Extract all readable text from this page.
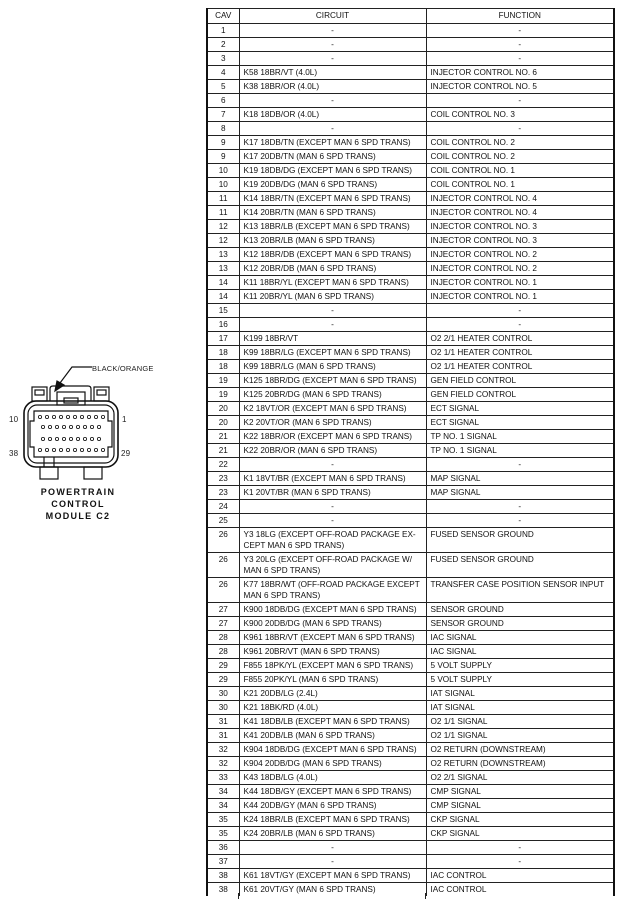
BLACK/ORANGE
10	1
38	29
POWERTRAIN
CONTROL
MODULE C2
CAV	CIRCUIT	FUNCTION
1	-	-
2	-	-
3	-	-
4	K58 18BR/VT (4.0L)	INJECTOR CONTROL NO. 6
5	K38 18BR/OR (4.0L)	INJECTOR CONTROL NO. 5
6	-	-
7	K18 18DB/OR (4.0L)	COIL CONTROL NO. 3
8	-	-
9	K17 18DB/TN (EXCEPT MAN 6 SPD TRANS)	COIL CONTROL NO. 2
9	K17 20DB/TN (MAN 6 SPD TRANS)	COIL CONTROL NO. 2
10	K19 18DB/DG (EXCEPT MAN 6 SPD TRANS)	COIL CONTROL NO. 1
10	K19 20DB/DG (MAN 6 SPD TRANS)	COIL CONTROL NO. 1
11	K14 18BR/TN (EXCEPT MAN 6 SPD TRANS)	INJECTOR CONTROL NO. 4
11	K14 20BR/TN (MAN 6 SPD TRANS)	INJECTOR CONTROL NO. 4
12	K13 18BR/LB (EXCEPT MAN 6 SPD TRANS)	INJECTOR CONTROL NO. 3
12	K13 20BR/LB (MAN 6 SPD TRANS)	INJECTOR CONTROL NO. 3
13	K12 18BR/DB (EXCEPT MAN 6 SPD TRANS)	INJECTOR CONTROL NO. 2
13	K12 20BR/DB (MAN 6 SPD TRANS)	INJECTOR CONTROL NO. 2
14	K11 18BR/YL (EXCEPT MAN 6 SPD TRANS)	INJECTOR CONTROL NO. 1
14	K11 20BR/YL (MAN 6 SPD TRANS)	INJECTOR CONTROL NO. 1
15	-	-
16	-	-
17	K199 18BR/VT	O2 2/1 HEATER CONTROL
18	K99 18BR/LG (EXCEPT MAN 6 SPD TRANS)	O2 1/1 HEATER CONTROL
18	K99 18BR/LG (MAN 6 SPD TRANS)	O2 1/1 HEATER CONTROL
19	K125 18BR/DG (EXCEPT MAN 6 SPD TRANS)	GEN FIELD CONTROL
19	K125 20BR/DG (MAN 6 SPD TRANS)	GEN FIELD CONTROL
20	K2 18VT/OR (EXCEPT MAN 6 SPD TRANS)	ECT SIGNAL
20	K2 20VT/OR (MAN 6 SPD TRANS)	ECT SIGNAL
21	K22 18BR/OR (EXCEPT MAN 6 SPD TRANS)	TP NO. 1 SIGNAL
21	K22 20BR/OR (MAN 6 SPD TRANS)	TP NO. 1 SIGNAL
22	-	-
23	K1 18VT/BR (EXCEPT MAN 6 SPD TRANS)	MAP SIGNAL
23	K1 20VT/BR (MAN 6 SPD TRANS)	MAP SIGNAL
24	-	-
25	-	-
26	Y3 18LG (EXCEPT OFF-ROAD PACKAGE EX-CEPT MAN 6 SPD TRANS)	FUSED SENSOR GROUND
26	Y3 20LG (EXCEPT OFF-ROAD PACKAGE W/ MAN 6 SPD TRANS)	FUSED SENSOR GROUND
26	K77 18BR/WT (OFF-ROAD PACKAGE EXCEPT MAN 6 SPD TRANS)	TRANSFER CASE POSITION SENSOR INPUT
27	K900 18DB/DG (EXCEPT MAN 6 SPD TRANS)	SENSOR GROUND
27	K900 20DB/DG (MAN 6 SPD TRANS)	SENSOR GROUND
28	K961 18BR/VT (EXCEPT MAN 6 SPD TRANS)	IAC SIGNAL
28	K961 20BR/VT (MAN 6 SPD TRANS)	IAC SIGNAL
29	F855 18PK/YL (EXCEPT MAN 6 SPD TRANS)	5 VOLT SUPPLY
29	F855 20PK/YL (MAN 6 SPD TRANS)	5 VOLT SUPPLY
30	K21 20DB/LG (2.4L)	IAT SIGNAL
30	K21 18BK/RD (4.0L)	IAT SIGNAL
31	K41 18DB/LB (EXCEPT MAN 6 SPD TRANS)	O2 1/1 SIGNAL
31	K41 20DB/LB (MAN 6 SPD TRANS)	O2 1/1 SIGNAL
32	K904 18DB/DG (EXCEPT MAN 6 SPD TRANS)	O2 RETURN (DOWNSTREAM)
32	K904 20DB/DG (MAN 6 SPD TRANS)	O2 RETURN (DOWNSTREAM)
33	K43 18DB/LG (4.0L)	O2 2/1 SIGNAL
34	K44 18DB/GY (EXCEPT MAN 6 SPD TRANS)	CMP SIGNAL
34	K44 20DB/GY (MAN 6 SPD TRANS)	CMP SIGNAL
35	K24 18BR/LB (EXCEPT MAN 6 SPD TRANS)	CKP SIGNAL
35	K24 20BR/LB (MAN 6 SPD TRANS)	CKP SIGNAL
36	-	-
37	-	-
38	K61 18VT/GY (EXCEPT MAN 6 SPD TRANS)	IAC CONTROL
38	K61 20VT/GY (MAN 6 SPD TRANS)	IAC CONTROL
